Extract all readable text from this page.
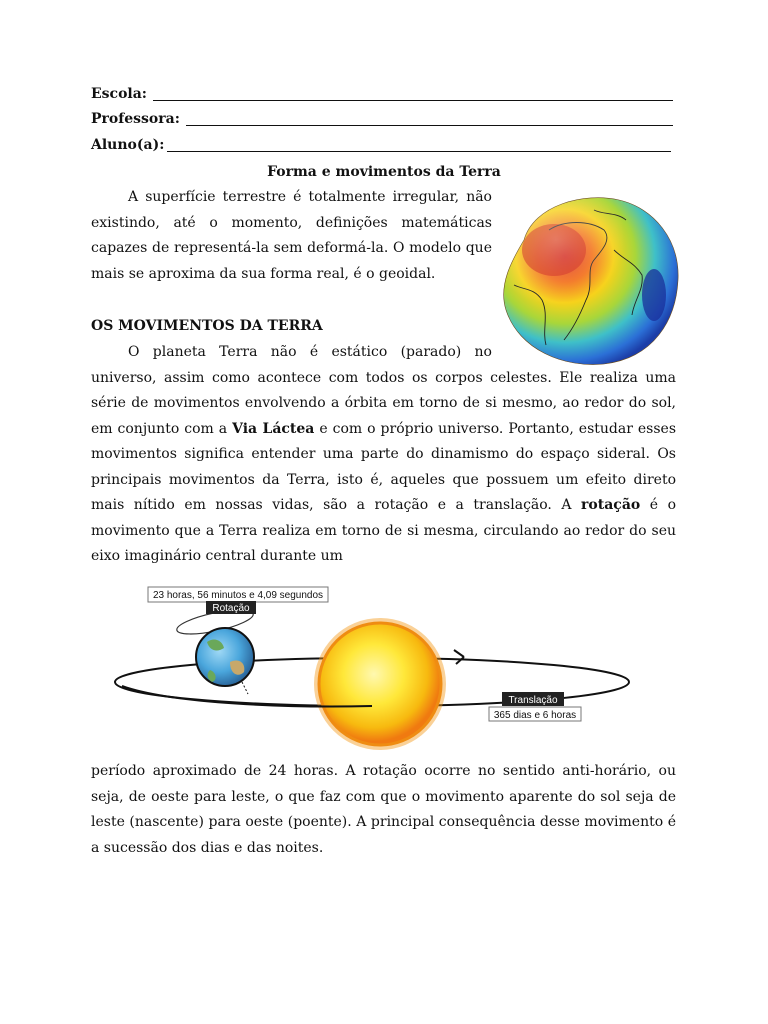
Escola:
Professora:
Aluno(a):
Forma e movimentos da Terra

A superfície terrestre é totalmente irregular, não existindo, até o momento, definições matemáticas capazes de representá-la sem deformá-la. O modelo que mais se aproxima da sua forma real, é o geoidal.

OS MOVIMENTOS DA TERRA

O planeta Terra não é estático (parado) no universo, assim como acontece com todos os corpos celestes. Ele realiza uma série de movimentos envolvendo a órbita em torno de si mesmo, ao redor do sol, em conjunto com a Via Láctea e com o próprio universo. Portanto, estudar esses movimentos significa entender uma parte do dinamismo do espaço sideral. Os principais movimentos da Terra, isto é, aqueles que possuem um efeito direto mais nítido em nossas vidas, são a rotação e a translação. A rotação é o movimento que a Terra realiza em torno de si mesma, circulando ao redor do seu eixo imaginário central durante um

23 horas, 56 minutos e 4,09 segundos
Rotação
Translação
365 dias e 6 horas

período aproximado de 24 horas. A rotação ocorre no sentido anti-horário, ou seja, de oeste para leste, o que faz com que o movimento aparente do sol seja de leste (nascente) para oeste (poente). A principal consequência desse movimento é a sucessão dos dias e das noites.
